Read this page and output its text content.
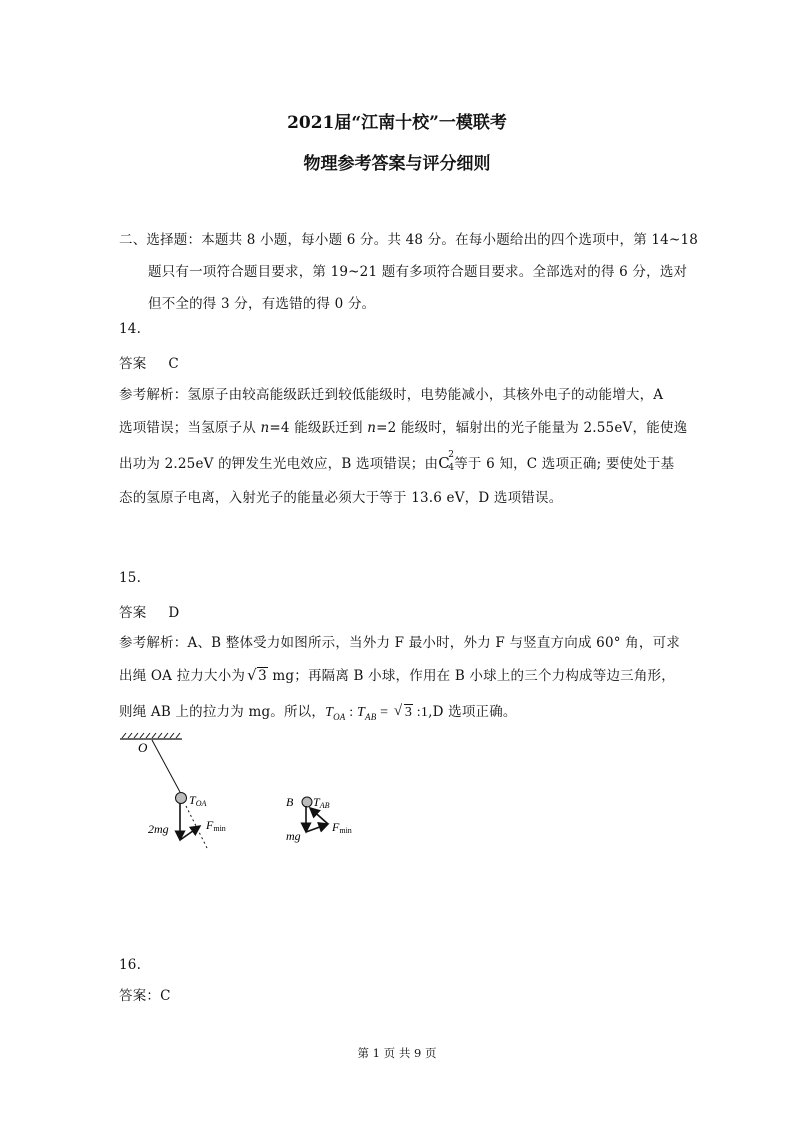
2021届“江南十校”一模联考
物理参考答案与评分细则
二、选择题：本题共 8 小题，每小题 6 分。共 48 分。在每小题给出的四个选项中，第 14~18
题只有一项符合题目要求，第 19~21 题有多项符合题目要求。全部选对的得 6 分，选对
但不全的得 3 分，有选错的得 0 分。
14.
答案 C
参考解析：氢原子由较高能级跃迁到较低能级时，电势能减小，其核外电子的动能增大，A
选项错误；当氢原子从 n=4 能级跃迁到 n=2 能级时，辐射出的光子能量为 2.55eV，能使逸
出功为 2.25eV 的钾发生光电效应，B 选项错误；由 C
2
4 等于 6 知，C 选项正确; 要使处于基
态的氢原子电离，入射光子的能量必须大于等于 13.6 eV，D 选项错误。
15.
答案 D
参考解析：A、B 整体受力如图所示，当外力 F 最小时，外力 F 与竖直方向成 60° 角，可求
出绳 OA 拉力大小为√ 3 mg；再隔离 B 小球，作用在 B 小球上的三个力构成等边三角形，
则绳 AB 上的拉力为 mg。所以，$T_{OA}$ : $T_{AB}$ = √ 3 :1,D 选项正确。
O
TOA
2mg	Fmin
B TAB
Fmin
mg
16.
答案：C
第 1 页 共 9 页
